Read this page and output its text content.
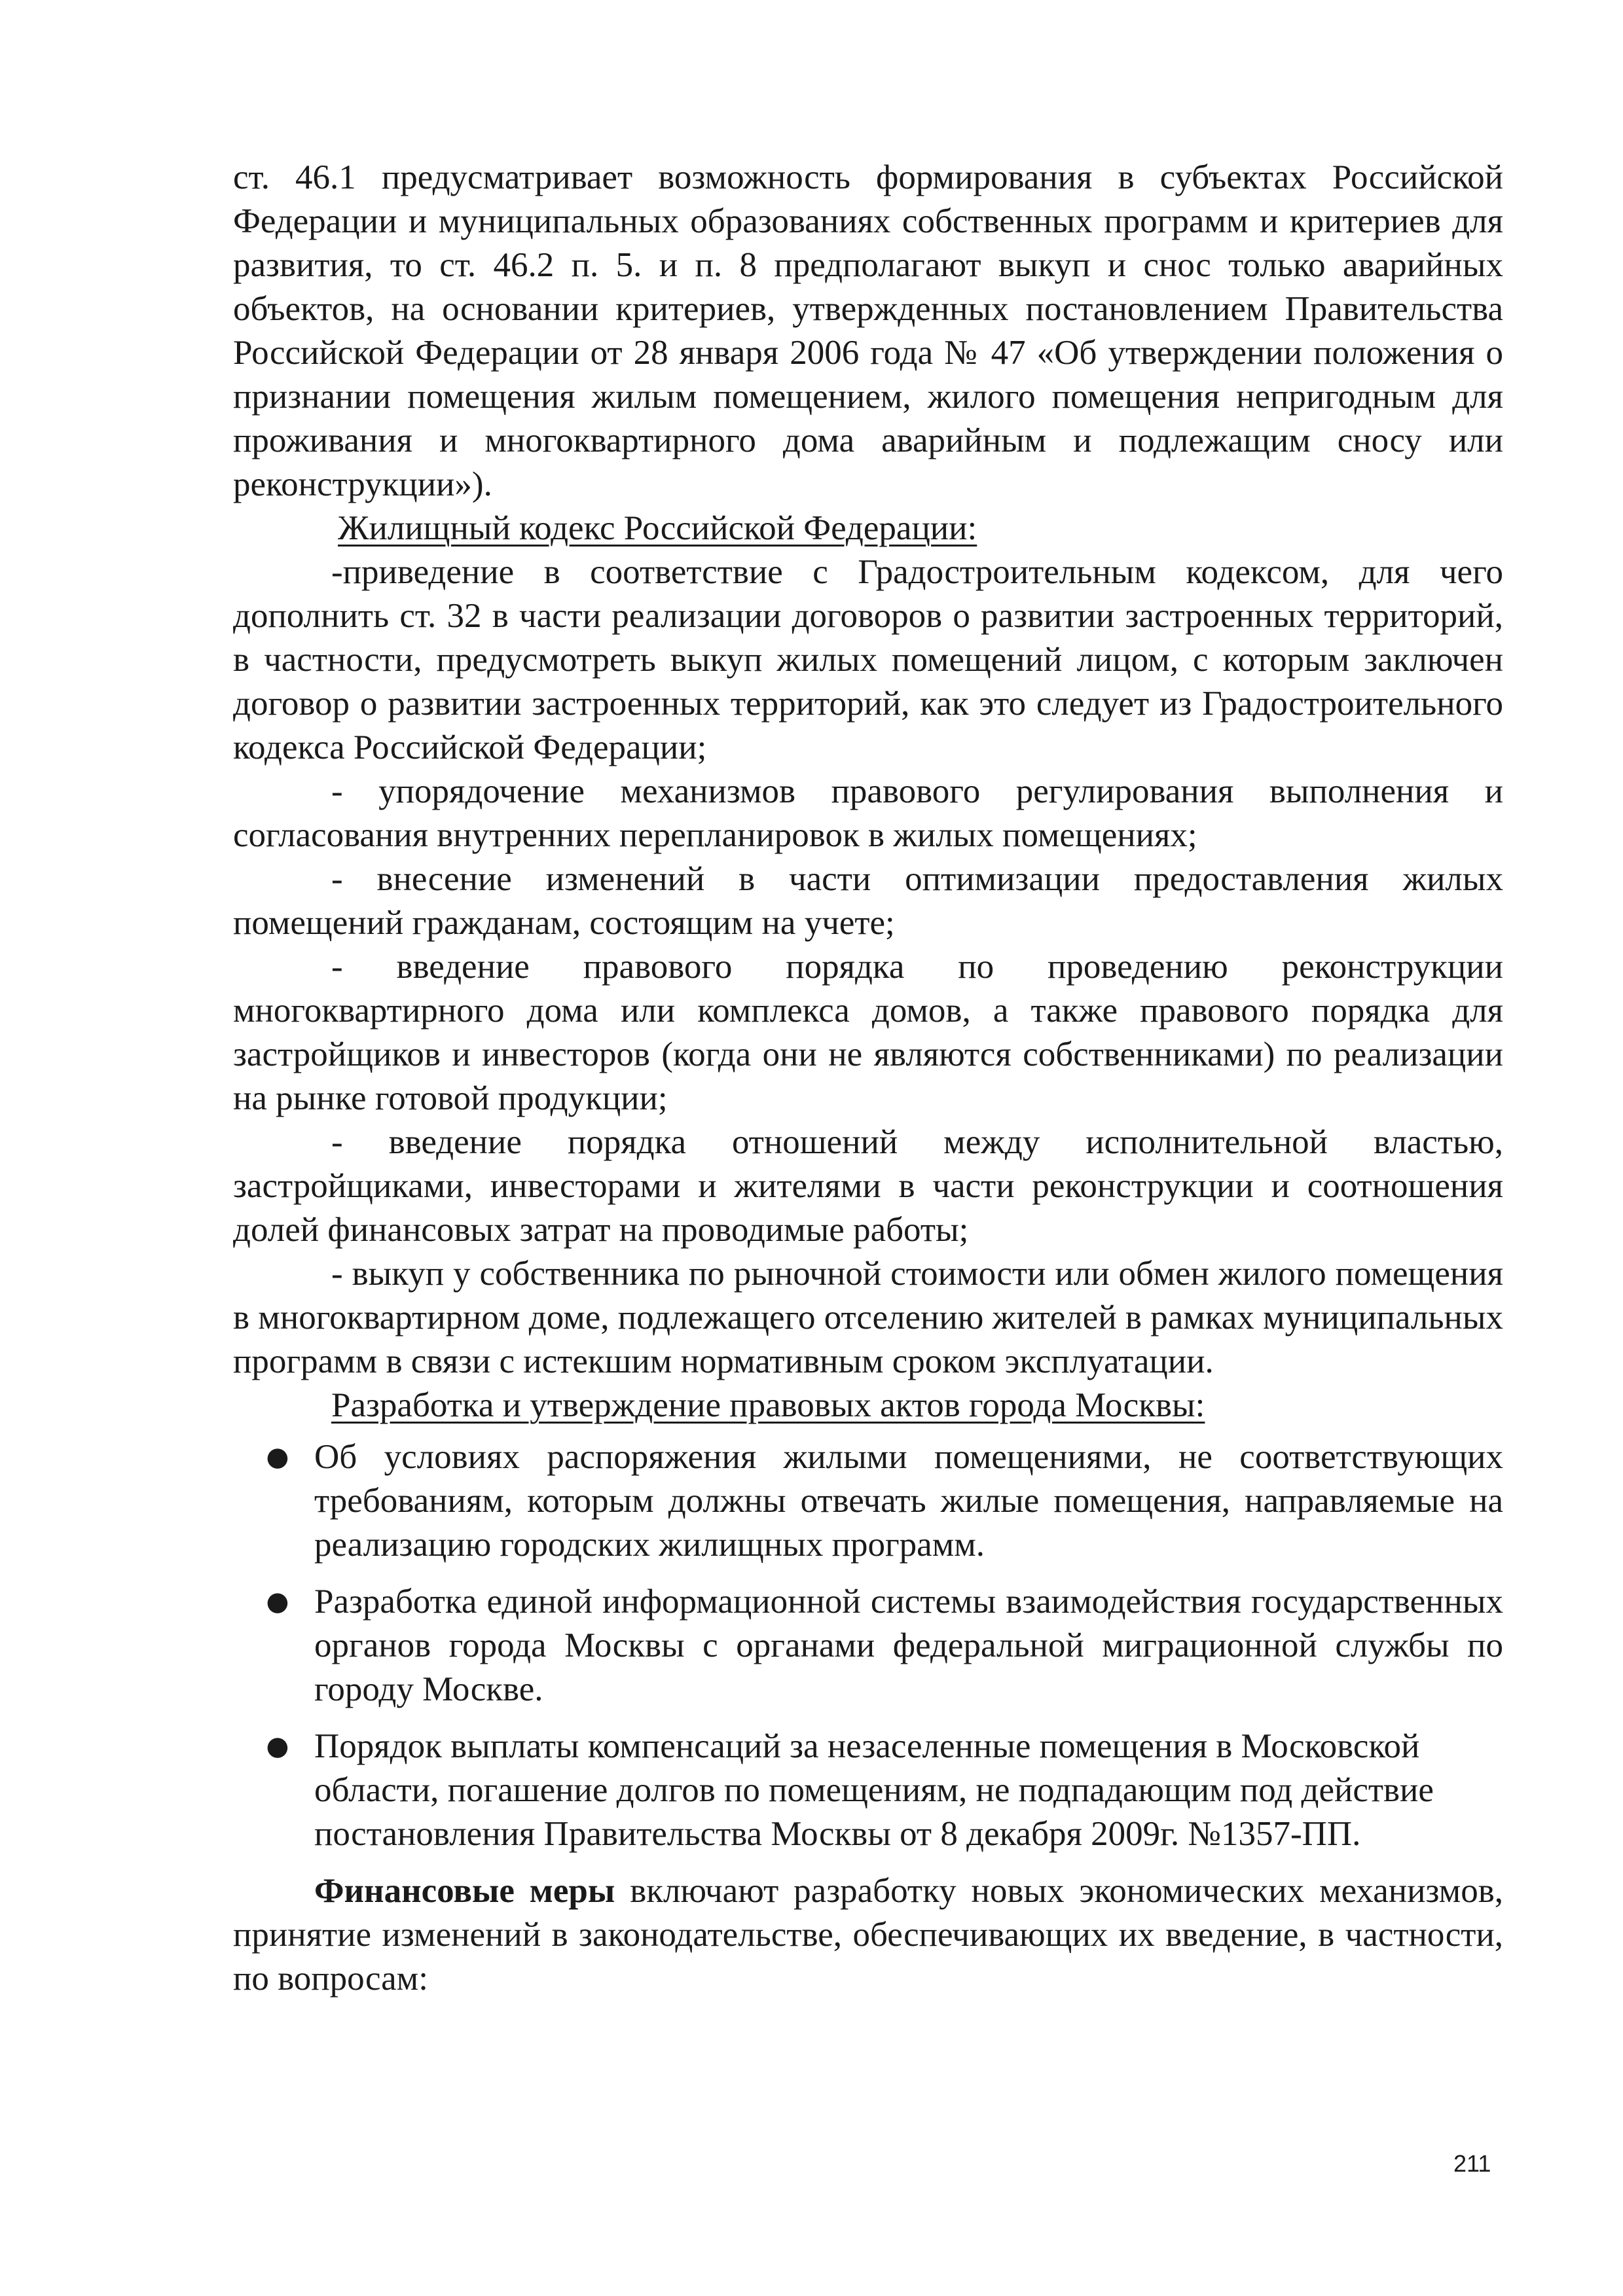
ст. 46.1 предусматривает возможность формирования в субъектах Российской Федерации и муниципальных образованиях собственных программ и критериев для развития, то ст. 46.2 п. 5. и п. 8 предполагают выкуп и снос только аварийных объектов, на основании критериев, утвержденных постановлением Правительства Российской Федерации от 28 января 2006 года № 47 «Об утверждении положения о признании помещения жилым помещением, жилого помещения непригодным для проживания и многоквартирного дома аварийным и подлежащим сносу или реконструкции»).

Жилищный кодекс Российской Федерации:

-приведение в соответствие с Градостроительным кодексом, для чего дополнить ст. 32 в части реализации договоров о развитии застроенных территорий, в частности, предусмотреть выкуп жилых помещений лицом, с которым заключен договор о развитии застроенных территорий, как это следует из Градостроительного кодекса Российской Федерации;

- упорядочение механизмов правового регулирования выполнения и согласования внутренних перепланировок в жилых помещениях;

- внесение изменений в части оптимизации предоставления жилых помещений гражданам, состоящим на учете;

- введение правового порядка по проведению реконструкции многоквартирного дома или комплекса домов, а также правового порядка для застройщиков и инвесторов (когда они не являются собственниками) по реализации на рынке готовой продукции;

- введение порядка отношений между исполнительной властью, застройщиками, инвесторами и жителями в части реконструкции и соотношения долей финансовых затрат на проводимые работы;

- выкуп у собственника по рыночной стоимости или обмен жилого помещения в многоквартирном доме, подлежащего отселению жителей в рамках муниципальных программ в связи с истекшим нормативным сроком эксплуатации.

Разработка и утверждение правовых актов города Москвы:

● Об условиях распоряжения жилыми помещениями, не соответствующих требованиям, которым должны отвечать жилые помещения, направляемые на реализацию городских жилищных программ.
● Разработка единой информационной системы взаимодействия государственных органов города Москвы с органами федеральной миграционной службы по городу Москве.
● Порядок выплаты компенсаций за незаселенные помещения в Московской области, погашение долгов по помещениям, не подпадающим под действие постановления Правительства Москвы от 8 декабря 2009г. №1357-ПП.

Финансовые меры включают разработку новых экономических механизмов, принятие изменений в законодательстве, обеспечивающих их введение, в частности, по вопросам:

211
